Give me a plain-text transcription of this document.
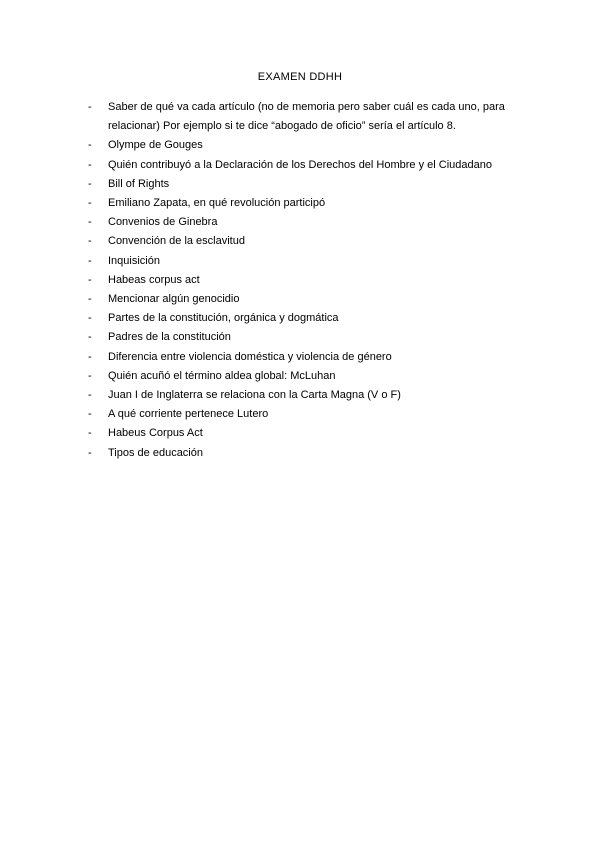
EXAMEN DDHH
- Saber de qué va cada artículo (no de memoria pero saber cuál es cada uno, para relacionar) Por ejemplo si te dice “abogado de oficio” sería el artículo 8.
- Olympe de Gouges
- Quién contribuyó a la Declaración de los Derechos del Hombre y el Ciudadano
- Bill of Rights
- Emiliano Zapata, en qué revolución participó
- Convenios de Ginebra
- Convención de la esclavitud
- Inquisición
- Habeas corpus act
- Mencionar algún genocidio
- Partes de la constitución, orgánica y dogmática
- Padres de la constitución
- Diferencia entre violencia doméstica y violencia de género
- Quién acuñó el término aldea global: McLuhan
- Juan I de Inglaterra se relaciona con la Carta Magna (V o F)
- A qué corriente pertenece Lutero
- Habeus Corpus Act
- Tipos de educación
